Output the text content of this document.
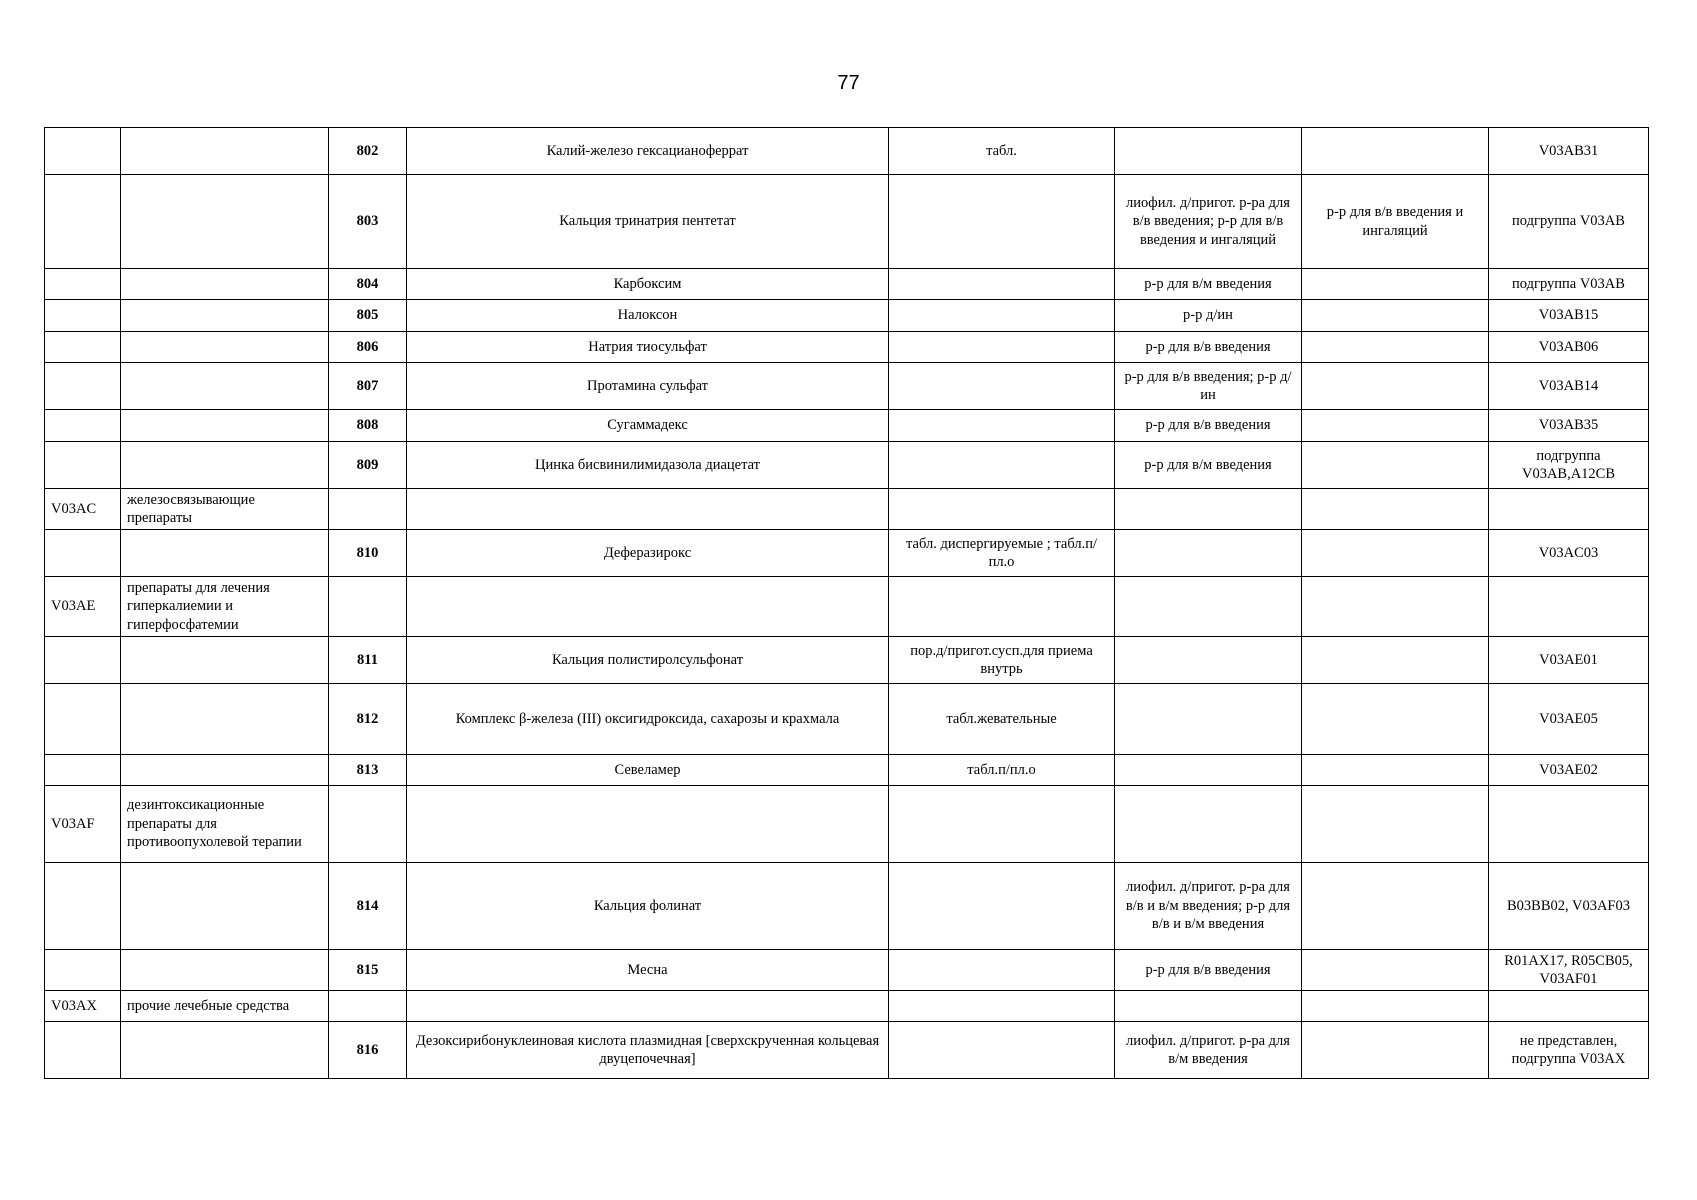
77
		802	Калий-железо гексацианоферрат	табл.			V03AB31
		803	Кальция тринатрия пентетат		лиофил. д/пригот. р-ра для в/в введения; р-р для в/в введения и ингаляций	р-р для в/в введения и ингаляций	подгруппа V03AB
		804	Карбоксим		р-р для в/м введения		подгруппа V03AB
		805	Налоксон		р-р д/ин		V03AB15
		806	Натрия тиосульфат		р-р для в/в введения		V03AB06
		807	Протамина сульфат		р-р для в/в введения; р-р д/ин		V03AB14
		808	Сугаммадекс		р-р для в/в введения		V03AB35
		809	Цинка бисвинилимидазола диацетат		р-р для в/м введения		подгруппа V03AB,A12CB
V03AC	железосвязывающие препараты						
		810	Деферазирокс	табл. диспергируемые ; табл.п/пл.о			V03AC03
V03AE	препараты для лечения гиперкалиемии и гиперфосфатемии						
		811	Кальция полистиролсульфонат	пор.д/пригот.сусп.для приема внутрь			V03AE01
		812	Комплекс β-железа (III) оксигидроксида, сахарозы и крахмала	табл.жевательные			V03AE05
		813	Севеламер	табл.п/пл.о			V03AE02
V03AF	дезинтоксикационные препараты для противоопухолевой терапии						
		814	Кальция фолинат		лиофил. д/пригот. р-ра для в/в и в/м введения; р-р для в/в и в/м введения		B03BB02, V03AF03
		815	Месна		р-р для в/в введения		R01AX17, R05CB05, V03AF01
V03AX	прочие лечебные средства						
		816	Дезоксирибонуклеиновая кислота плазмидная [сверхскрученная кольцевая двуцепочечная]		лиофил. д/пригот. р-ра для в/м введения		не представлен, подгруппа V03AX
